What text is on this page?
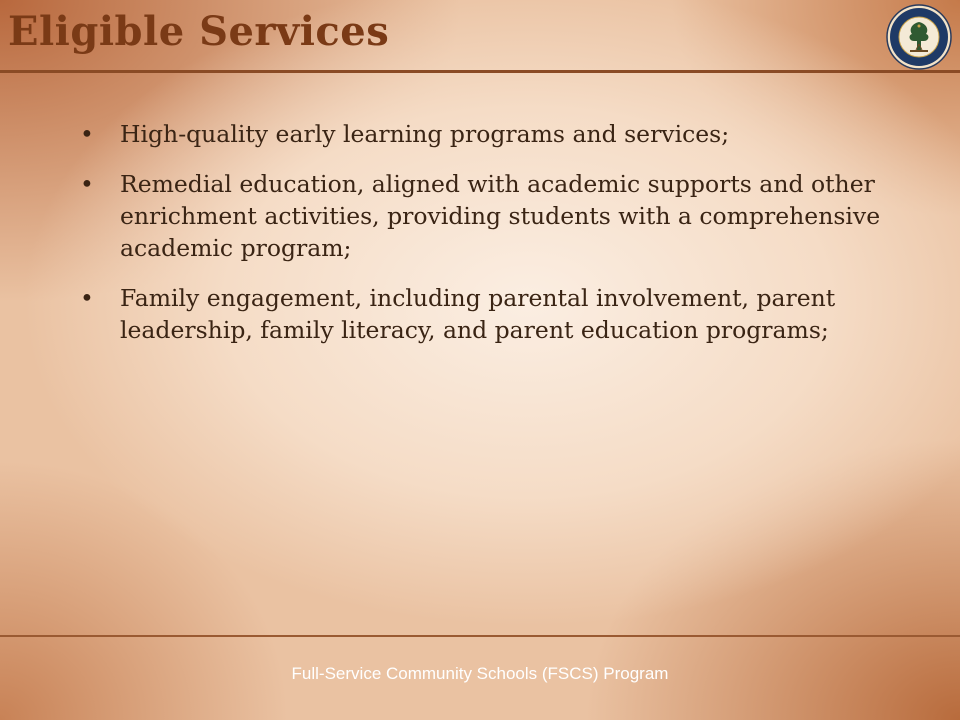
Eligible Services
• High-quality early learning programs and services;
• Remedial education, aligned with academic supports and other enrichment activities, providing students with a comprehensive academic program;
• Family engagement, including parental involvement, parent leadership, family literacy, and parent education programs;
Full-Service Community Schools (FSCS) Program
